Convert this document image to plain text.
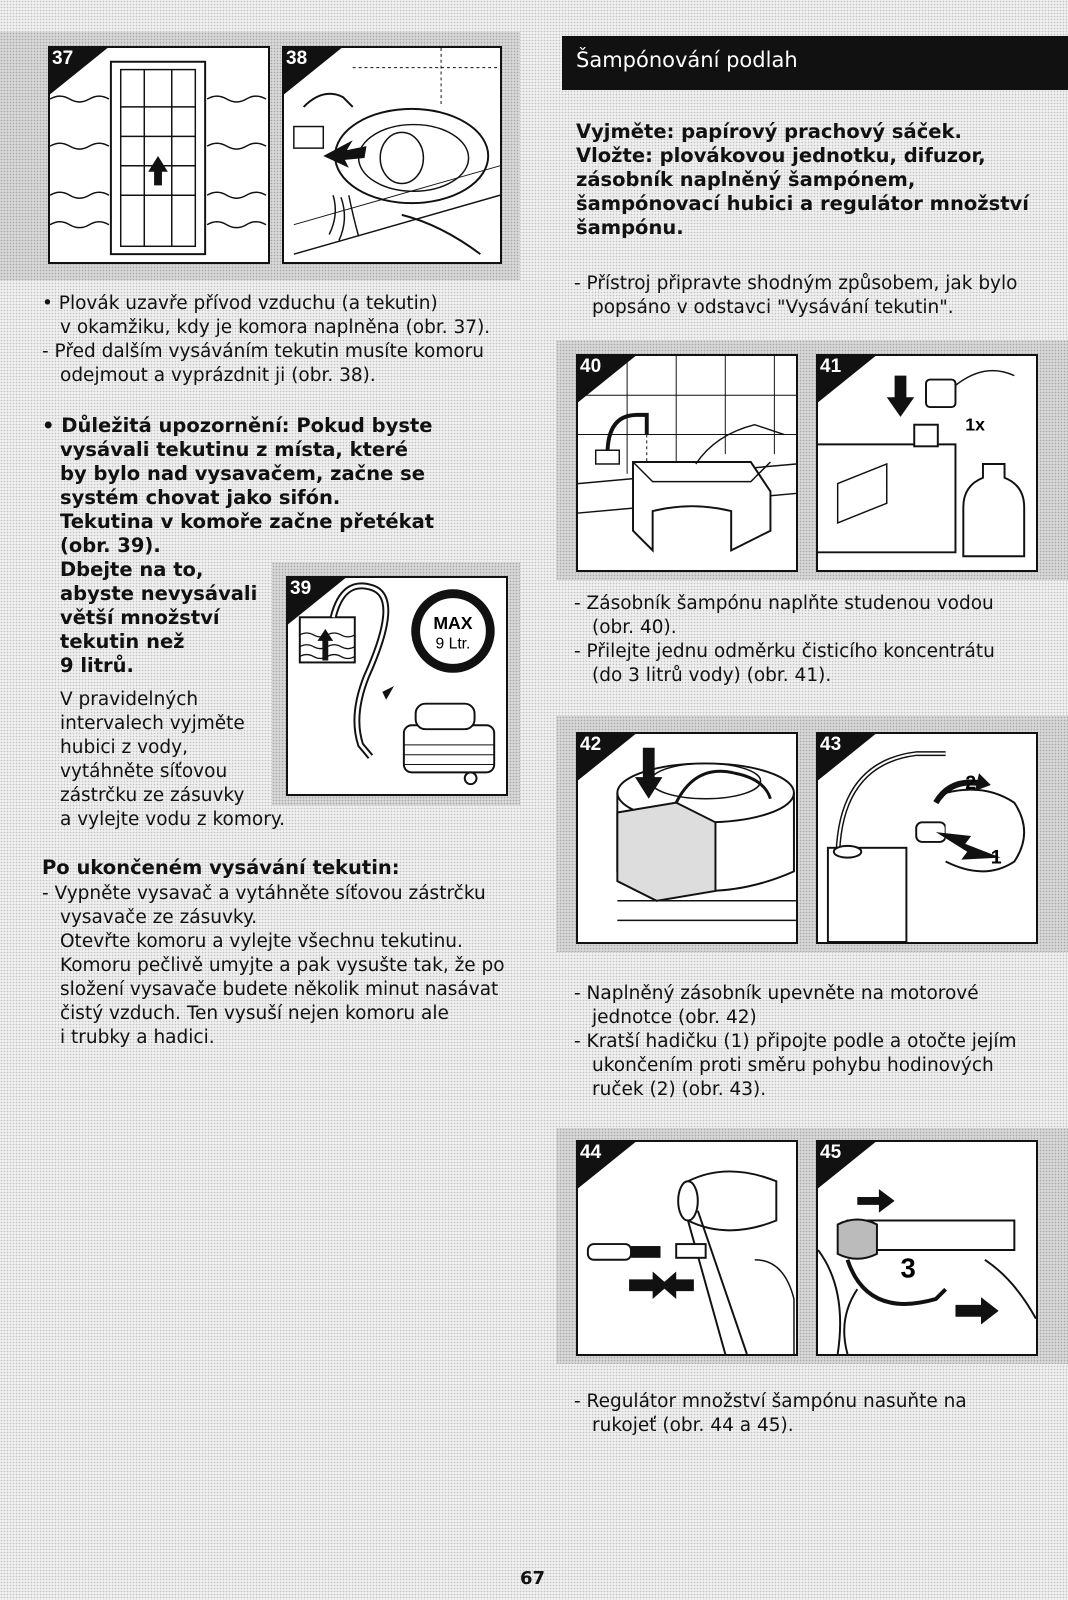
37	38
• Plovák uzavře přívod vzduchu (a tekutin)
v okamžiku, kdy je komora naplněna (obr. 37).
- Před dalším vysáváním tekutin musíte komoru
odejmout a vyprázdnit ji (obr. 38).
• Důležitá upozornění: Pokud byste
vysávali tekutinu z místa, které
by bylo nad vysavačem, začne se
systém chovat jako sifón.
Tekutina v komoře začne přetékat
(obr. 39).
Dbejte na to,
abyste nevysávali
větší množství
tekutin než
9 litrů.
V pravidelných
intervalech vyjměte
hubici z vody,
vytáhněte síťovou
zástrčku ze zásuvky
a vylejte vodu z komory.
MAX
9 Ltr.
39
Po ukončeném vysávání tekutin:
- Vypněte vysavač a vytáhněte síťovou zástrčku
vysavače ze zásuvky.
Otevřte komoru a vylejte všechnu tekutinu.
Komoru pečlivě umyjte a pak vysušte tak, že po
složení vysavače budete několik minut nasávat
čistý vzduch. Ten vysuší nejen komoru ale
i trubky a hadici.
Šampónování podlah
Vyjměte: papírový prachový sáček.
Vložte: plovákovou jednotku, difuzor,
zásobník naplněný šampónem,
šampónovací hubici a regulátor množství
šampónu.
- Přístroj připravte shodným způsobem, jak bylo
popsáno v odstavci "Vysávání tekutin".
40
1x
41
- Zásobník šampónu naplňte studenou vodou
(obr. 40).
- Přilejte jednu odměrku čisticího koncentrátu
(do 3 litrů vody) (obr. 41).
42
2
1
43
- Naplněný zásobník upevněte na motorové
jednotce (obr. 42)
- Kratší hadičku (1) připojte podle a otočte jejím
ukončením proti směru pohybu hodinových
ruček (2) (obr. 43).
44
3
45
- Regulátor množství šampónu nasuňte na
rukojeť (obr. 44 a 45).
67
